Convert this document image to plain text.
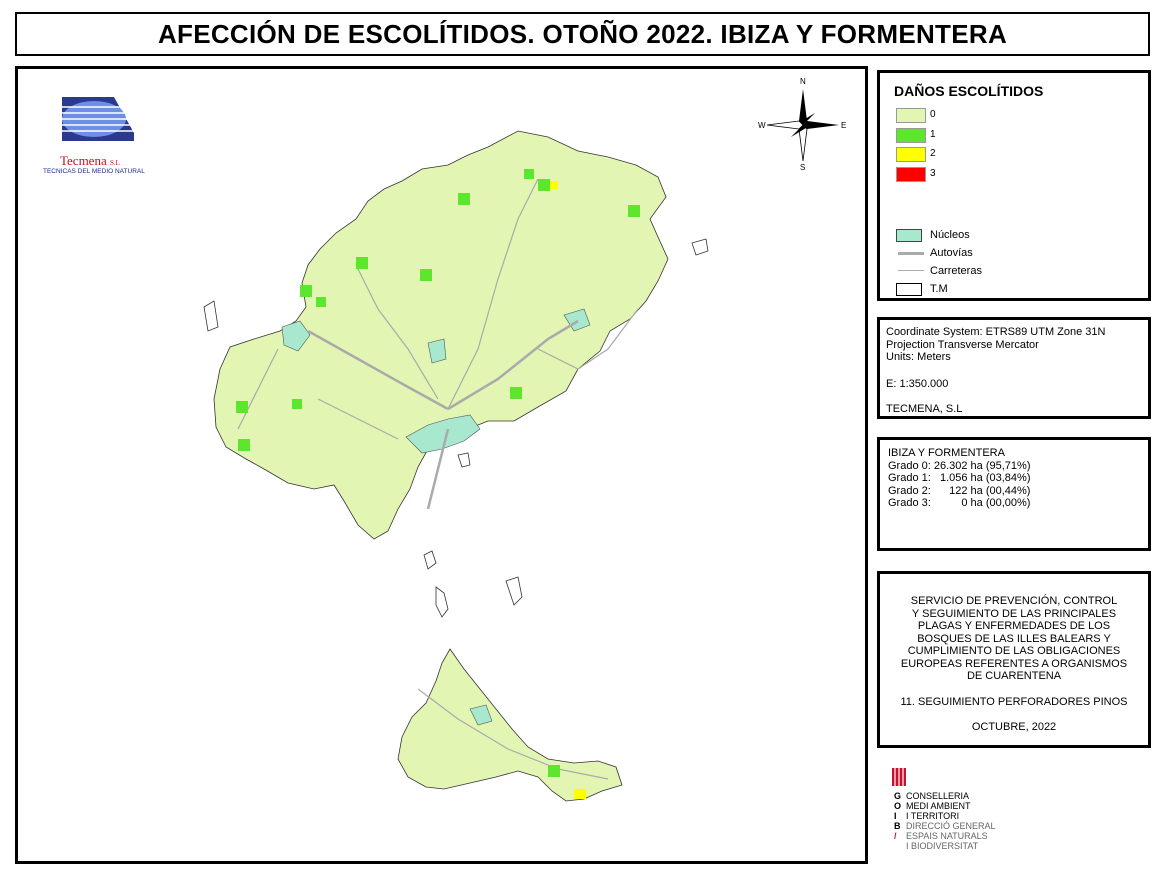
AFECCIÓN DE ESCOLÍTIDOS. OTOÑO 2022. IBIZA Y FORMENTERA
N
S
E
W
Tecmena S.L
TECNICAS DEL MEDIO NATURAL
DAÑOS ESCOLÍTIDOS
0
1
2
3
Núcleos
Autovías
Carreteras
T.M
Coordinate System: ETRS89 UTM Zone 31N
Projection Transverse Mercator
Units: Meters
E: 1:350.000
TECMENA, S.L
IBIZA Y FORMENTERA
Grado 0: 26.302 ha (95,71%)
Grado 1:   1.056 ha (03,84%)
Grado 2:      122 ha (00,44%)
Grado 3:          0 ha (00,00%)
SERVICIO DE PREVENCIÓN, CONTROL
Y SEGUIMIENTO DE LAS PRINCIPALES
PLAGAS Y ENFERMEDADES DE LOS
BOSQUES DE LAS ILLES BALEARS Y
CUMPLIMIENTO DE LAS OBLIGACIONES
EUROPEAS REFERENTES A ORGANISMOS
DE CUARENTENA
11. SEGUIMIENTO PERFORADORES PINOS
OCTUBRE, 2022
G CONSELLERIA
O MEDI AMBIENT
I	I TERRITORI
B DIRECCIÓ GENERAL
/	ESPAIS NATURALS
I BIODIVERSITAT
